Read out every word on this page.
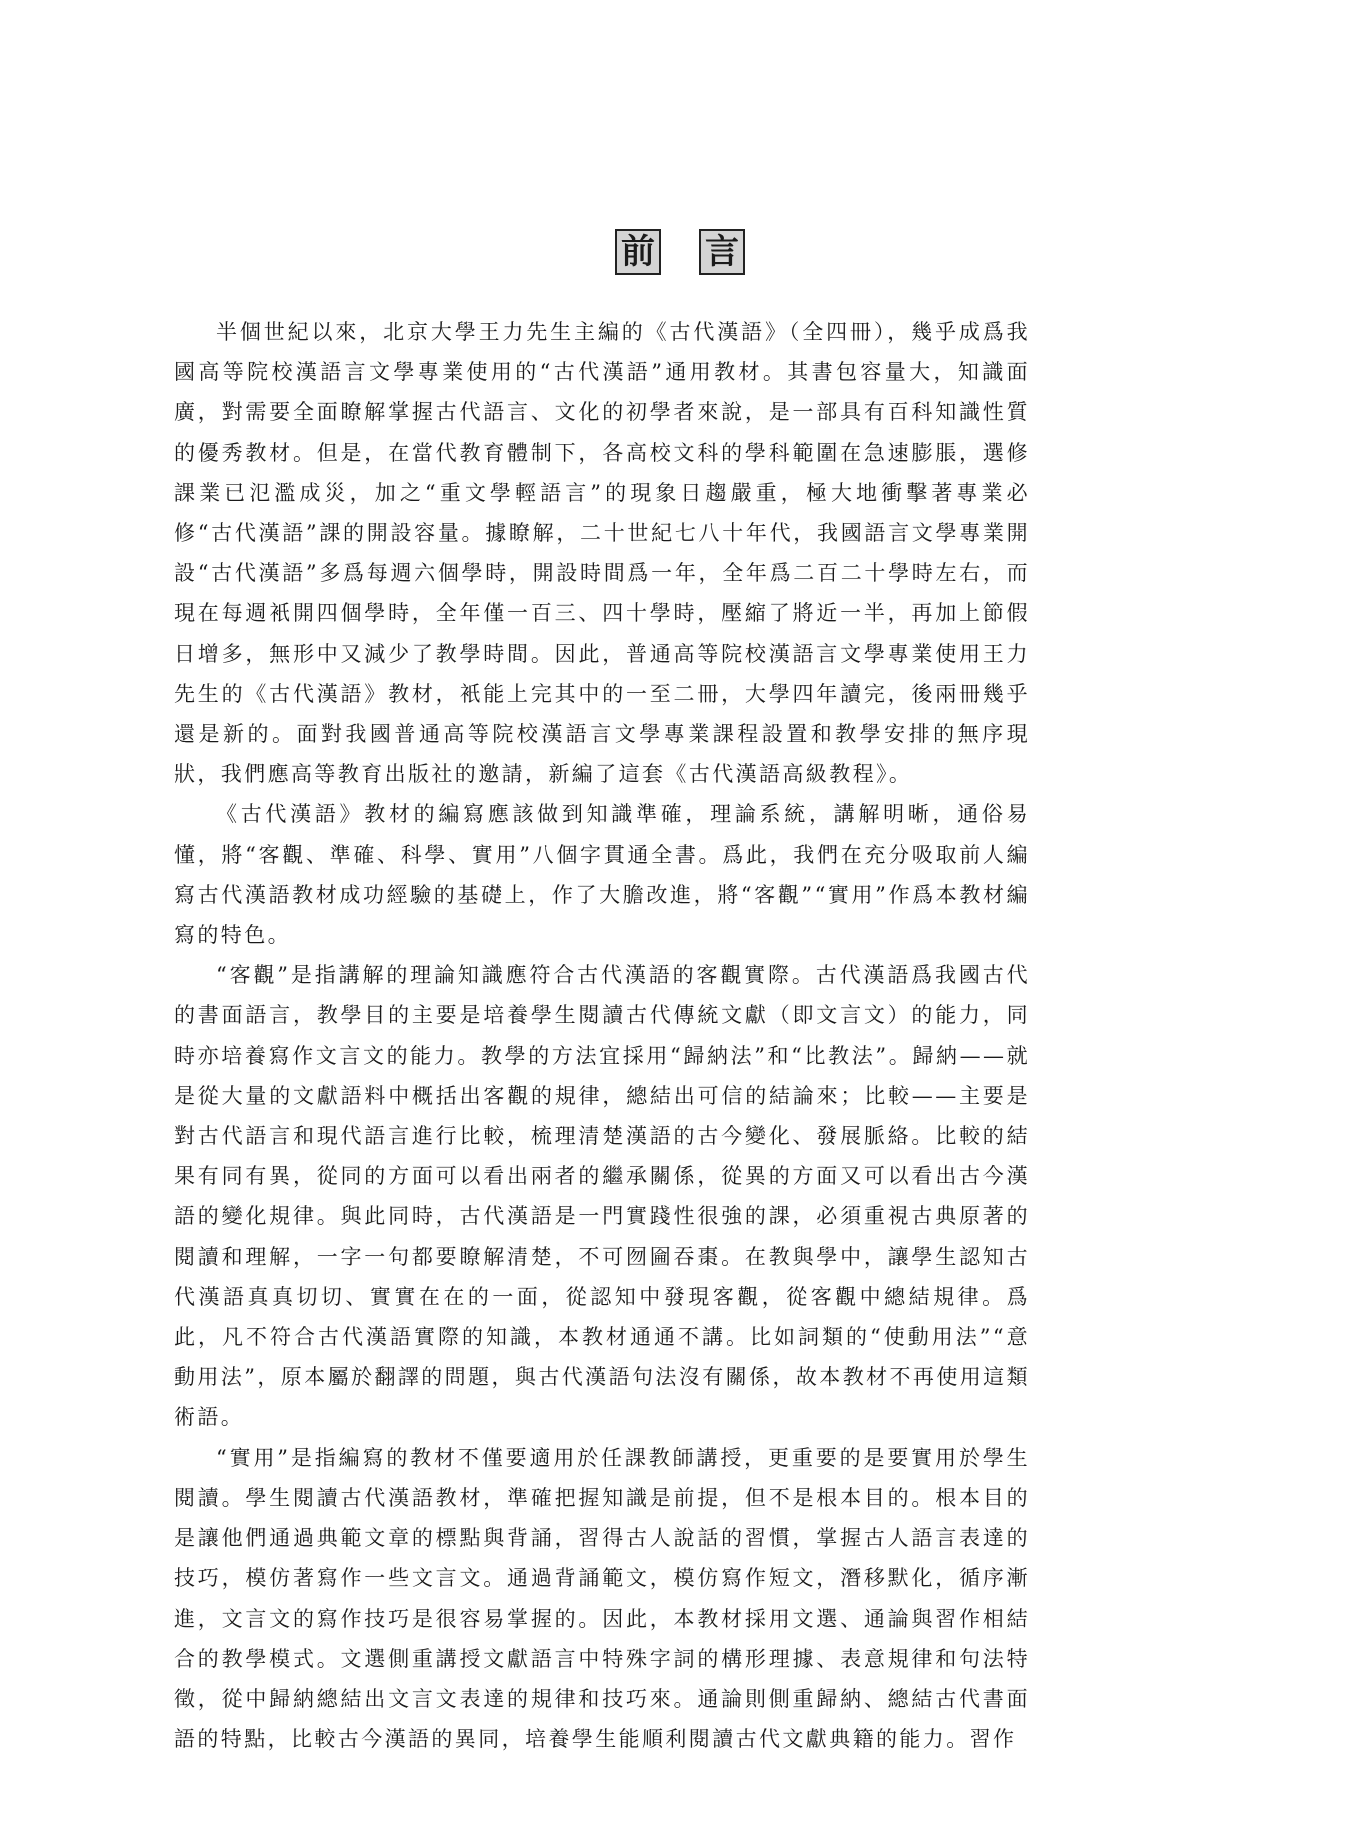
前 言

半個世紀以來，北京大學王力先生主編的《古代漢語》（全四冊），幾乎成爲我國高等院校漢語言文學專業使用的“古代漢語”通用教材。其書包容量大，知識面廣，對需要全面瞭解掌握古代語言、文化的初學者來說，是一部具有百科知識性質的優秀教材。但是，在當代教育體制下，各高校文科的學科範圍在急速膨脹，選修課業已氾濫成災，加之“重文學輕語言”的現象日趨嚴重，極大地衝擊著專業必修“古代漢語”課的開設容量。據瞭解，二十世紀七八十年代，我國語言文學專業開設“古代漢語”多爲每週六個學時，開設時間爲一年，全年爲二百二十學時左右，而現在每週衹開四個學時，全年僅一百三、四十學時，壓縮了將近一半，再加上節假日增多，無形中又減少了教學時間。因此，普通高等院校漢語言文學專業使用王力先生的《古代漢語》教材，衹能上完其中的一至二冊，大學四年讀完，後兩冊幾乎還是新的。面對我國普通高等院校漢語言文學專業課程設置和教學安排的無序現狀，我們應高等教育出版社的邀請，新編了這套《古代漢語高級教程》。

《古代漢語》教材的編寫應該做到知識準確，理論系統，講解明晰，通俗易懂，將“客觀、準確、科學、實用”八個字貫通全書。爲此，我們在充分吸取前人編寫古代漢語教材成功經驗的基礎上，作了大膽改進，將“客觀”“實用”作爲本教材編寫的特色。

“客觀”是指講解的理論知識應符合古代漢語的客觀實際。古代漢語爲我國古代的書面語言，教學目的主要是培養學生閱讀古代傳統文獻（即文言文）的能力，同時亦培養寫作文言文的能力。教學的方法宜採用“歸納法”和“比教法”。歸納——就是從大量的文獻語料中概括出客觀的規律，總結出可信的結論來；比較——主要是對古代語言和現代語言進行比較，梳理清楚漢語的古今變化、發展脈絡。比較的結果有同有異，從同的方面可以看出兩者的繼承關係，從異的方面又可以看出古今漢語的變化規律。與此同時，古代漢語是一門實踐性很強的課，必須重視古典原著的閱讀和理解，一字一句都要瞭解清楚，不可囫圇吞棗。在教與學中，讓學生認知古代漢語真真切切、實實在在的一面，從認知中發現客觀，從客觀中總結規律。爲此，凡不符合古代漢語實際的知識，本教材通通不講。比如詞類的“使動用法”“意動用法”，原本屬於翻譯的問題，與古代漢語句法沒有關係，故本教材不再使用這類術語。

“實用”是指編寫的教材不僅要適用於任課教師講授，更重要的是要實用於學生閱讀。學生閱讀古代漢語教材，準確把握知識是前提，但不是根本目的。根本目的是讓他們通過典範文章的標點與背誦，習得古人說話的習慣，掌握古人語言表達的技巧，模仿著寫作一些文言文。通過背誦範文，模仿寫作短文，潛移默化，循序漸進，文言文的寫作技巧是很容易掌握的。因此，本教材採用文選、通論與習作相結合的教學模式。文選側重講授文獻語言中特殊字詞的構形理據、表意規律和句法特徵，從中歸納總結出文言文表達的規律和技巧來。通論則側重歸納、總結古代書面語的特點，比較古今漢語的異同，培養學生能順利閱讀古代文獻典籍的能力。習作
